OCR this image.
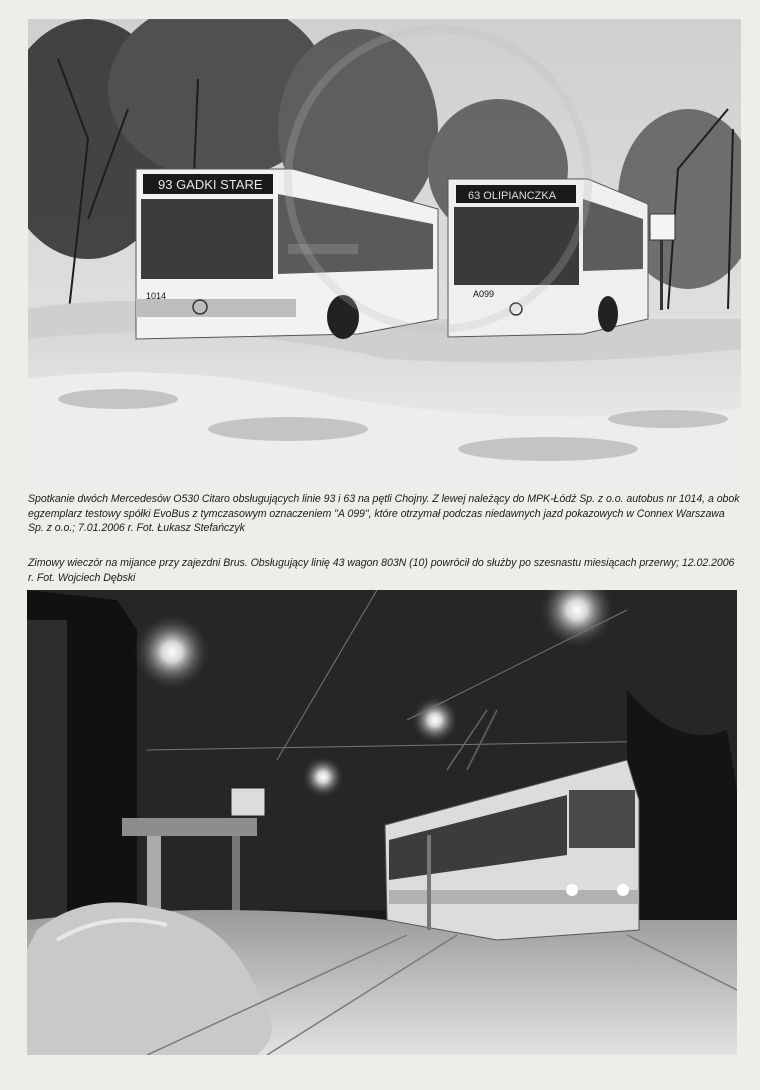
93 GADKI STARE
1014
63 OLIPIANCZKA
A099

Spotkanie dwóch Mercedesów O530 Citaro obsługujących linie 93 i 63 na pętli Chojny. Z lewej należący do MPK-Łódź Sp. z o.o. autobus nr 1014, a obok egzemplarz testowy spółki EvoBus z tymczasowym oznaczeniem "A 099", które otrzymał podczas niedawnych jazd pokazowych w Connex Warszawa Sp. z o.o.; 7.01.2006 r. Fot. Łukasz Stefańczyk

Zimowy wieczór na mijance przy zajezdni Brus. Obsługujący linię 43 wagon 803N (10) powrócił do służby po szesnastu miesiącach przerwy; 12.02.2006 r. Fot. Wojciech Dębski
